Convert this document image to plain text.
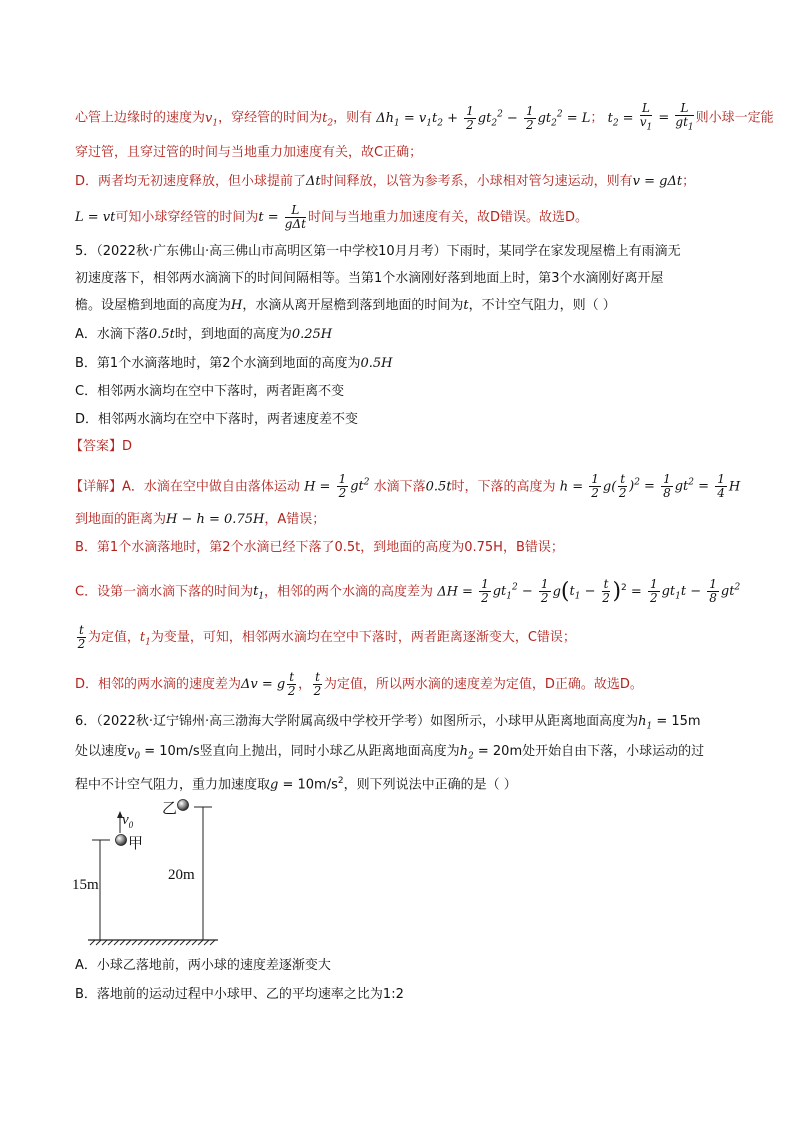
心管上边缘时的速度为$v_1$，穿经管的时间为$t_2$，则有 $\Delta h_1 = v_1t_2 + \frac{1}{2} gt_2^2 - \frac{1}{2} gt_2^2 = L$； $t_2 = \frac{L}{v_1} = \frac{L}{gt_1}$ 则小球一定能
穿过管，且穿过管的时间与当地重力加速度有关，故C正确；
D．两者均无初速度释放，但小球提前了Δt时间释放，以管为参考系，小球相对管匀速运动，则有v = gΔt；
L = vt可知小球穿经管的时间为$t = \frac{L}{\text{gΔt}}$ 时间与当地重力加速度有关，故D错误。故选D。
5．（2022秋·广东佛山·高三佛山市高明区第一中学校10月月考）下雨时，某同学在家发现屋檐上有雨滴无
初速度落下，相邻两水滴滴下的时间间隔相等。当第1个水滴刚好落到地面上时，第3个水滴刚好离开屋
檐。设屋檐到地面的高度为H，水滴从离开屋檐到落到地面的时间为t，不计空气阻力，则（ ）
A．水滴下落0.5t时，到地面的高度为0.25H
B．第1个水滴落地时，第2个水滴到地面的高度为0.5H
C．相邻两水滴均在空中下落时，两者距离不变
D．相邻两水滴均在空中下落时，两者速度差不变
【答案】D
【详解】A．水滴在空中做自由落体运动 $H = \frac{1}{2} gt^2$ 水滴下落0.5t时，下落的高度为 $h = \frac{1}{2} g( \frac{t}{2} )^2 = \frac{1}{8} gt^2 = \frac{1}{4}$ H
到地面的距离为H − h = 0.75H，A错误；
B．第1个水滴落地时，第2个水滴已经下落了0.5t，到地面的高度为0.75H，B错误；
C．设第一滴水滴下落的时间为$t_1$，相邻的两个水滴的高度差为 $\Delta H = \frac{1}{2} gt_1^2 - \frac{1}{2} g(t_1 - \frac{t}{2} )^2 = \frac{1}{2} gt_1t - \frac{1}{8} gt^2$
$\frac{t}{2}$ 为定值，$t_1$为变量，可知，相邻两水滴均在空中下落时，两者距离逐渐变大，C错误；
D．相邻的两水滴的速度差为Δv = g $\frac{t}{2}$ ， $\frac{t}{2}$ 为定值，所以两水滴的速度差为定值，D正确。故选D。
6．（2022秋·辽宁锦州·高三渤海大学附属高级中学校开学考）如图所示，小球甲从距离地面高度为$h_1 = 15m$
处以速度$v_0 = 10m/s$竖直向上抛出，同时小球乙从距离地面高度为$h_2 = 20m$处开始自由下落，小球运动的过
程中不计空气阻力，重力加速度取$g = 10m/s^2$，则下列说法中正确的是（ ）
$v_0$
甲
乙
15m
20m
A．小球乙落地前，两小球的速度差逐渐变大
B．落地前的运动过程中小球甲、乙的平均速率之比为1:2
